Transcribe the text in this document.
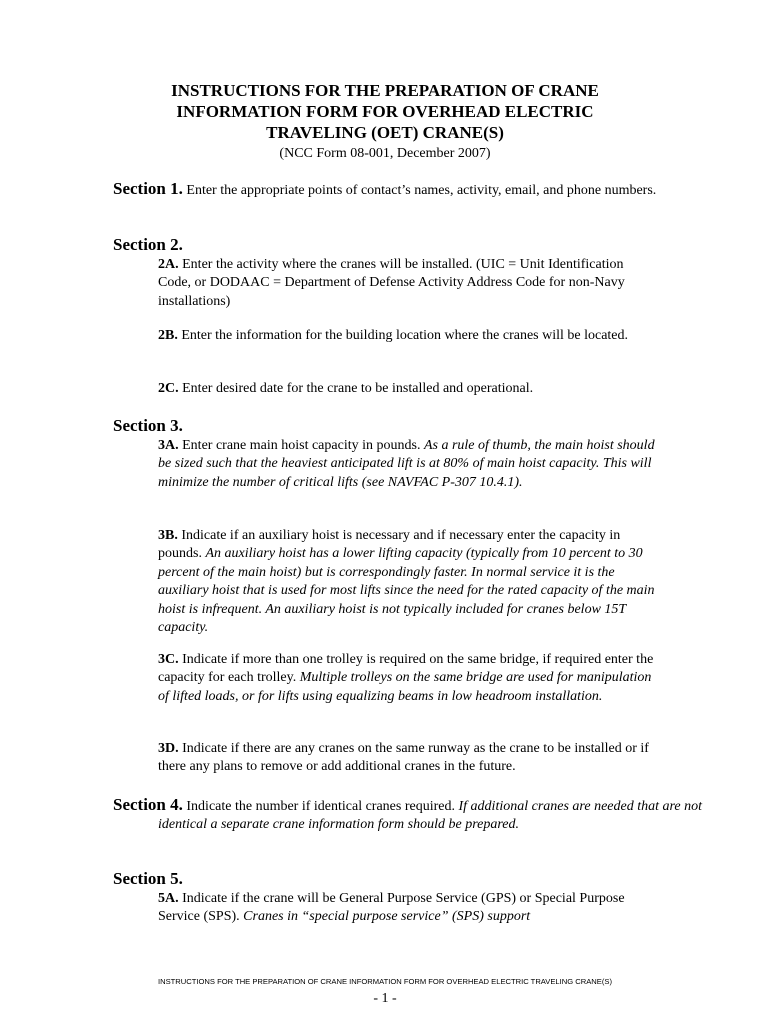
INSTRUCTIONS FOR THE PREPARATION OF CRANE
INFORMATION FORM FOR OVERHEAD ELECTRIC
TRAVELING (OET) CRANE(S)
(NCC Form 08-001, December 2007)
Section 1. Enter the appropriate points of contact’s names, activity, email, and phone numbers.
Section 2.
2A. Enter the activity where the cranes will be installed. (UIC = Unit Identification Code, or DODAAC = Department of Defense Activity Address Code for non-Navy installations)
2B. Enter the information for the building location where the cranes will be located.
2C. Enter desired date for the crane to be installed and operational.
Section 3.
3A. Enter crane main hoist capacity in pounds. As a rule of thumb, the main hoist should be sized such that the heaviest anticipated lift is at 80% of main hoist capacity. This will minimize the number of critical lifts (see NAVFAC P-307 10.4.1).
3B. Indicate if an auxiliary hoist is necessary and if necessary enter the capacity in pounds. An auxiliary hoist has a lower lifting capacity (typically from 10 percent to 30 percent of the main hoist) but is correspondingly faster. In normal service it is the auxiliary hoist that is used for most lifts since the need for the rated capacity of the main hoist is infrequent. An auxiliary hoist is not typically included for cranes below 15T capacity.
3C. Indicate if more than one trolley is required on the same bridge, if required enter the capacity for each trolley. Multiple trolleys on the same bridge are used for manipulation of lifted loads, or for lifts using equalizing beams in low headroom installation.
3D. Indicate if there are any cranes on the same runway as the crane to be installed or if there any plans to remove or add additional cranes in the future.
Section 4. Indicate the number if identical cranes required. If additional cranes are needed that are not identical a separate crane information form should be prepared.
Section 5.
5A. Indicate if the crane will be General Purpose Service (GPS) or Special Purpose Service (SPS). Cranes in “special purpose service” (SPS) support
INSTRUCTIONS FOR THE PREPARATION OF CRANE INFORMATION FORM FOR OVERHEAD ELECTRIC TRAVELING CRANE(S)
- 1 -
